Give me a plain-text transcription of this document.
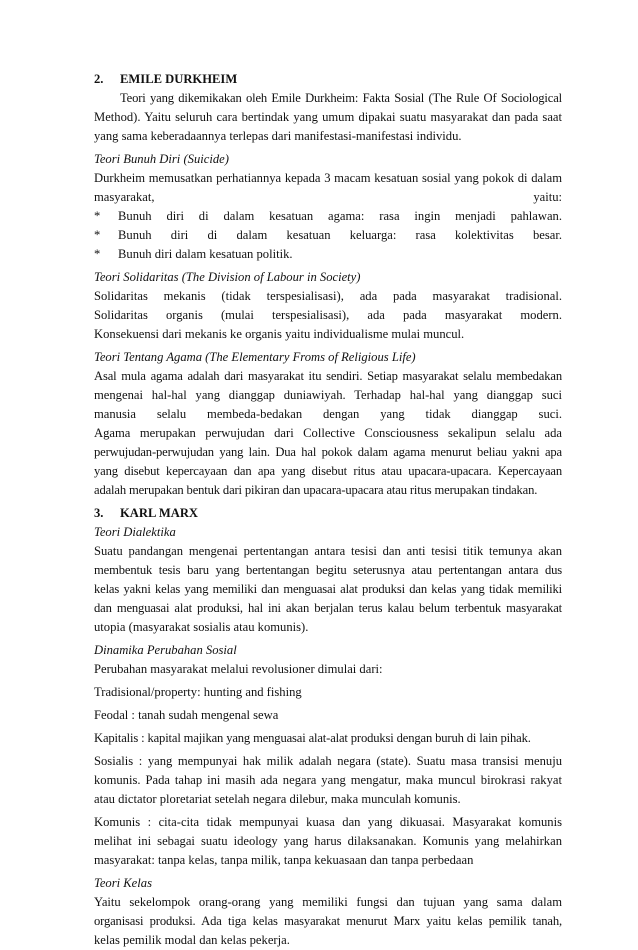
2. EMILE DURKHEIM

Teori yang dikemikakan oleh Emile Durkheim: Fakta Sosial (The Rule Of Sociological

Method). Yaitu seluruh cara bertindak yang umum dipakai suatu masyarakat dan pada saat

yang sama keberadaannya terlepas dari manifestasi-manifestasi individu.

Teori Bunuh Diri (Suicide)

Durkheim memusatkan perhatiannya kepada 3 macam kesatuan sosial yang pokok di dalam

masyarakat,	yaitu:
*	Bunuh diri di dalam kesatuan agama: rasa ingin menjadi pahlawan.
*	Bunuh diri di dalam kesatuan keluarga: rasa kolektivitas besar.
*	Bunuh diri dalam kesatuan politik.
Teori Solidaritas (The Division of Labour in Society)

Solidaritas mekanis (tidak terspesialisasi), ada pada masyarakat tradisional.

Solidaritas organis (mulai terspesialisasi), ada pada masyarakat modern.

Konsekuensi dari mekanis ke organis yaitu individualisme mulai muncul.

Teori Tentang Agama (The Elementary Froms of Religious Life)

Asal mula agama adalah dari masyarakat itu sendiri. Setiap masyarakat selalu membedakan

mengenai hal-hal yang dianggap duniawiyah. Terhadap hal-hal yang dianggap suci

manusia selalu membeda-bedakan dengan yang tidak dianggap suci.

Agama merupakan perwujudan dari Collective Consciousness sekalipun selalu ada

perwujudan-perwujudan yang lain. Dua hal pokok dalam agama menurut beliau yakni apa

yang disebut kepercayaan dan apa yang disebut ritus atau upacara-upacara. Kepercayaan

adalah merupakan bentuk dari pikiran dan upacara-upacara atau ritus merupakan tindakan.

3. KARL MARX
Teori Dialektika

Suatu pandangan mengenai pertentangan antara tesisi dan anti tesisi titik temunya akan

membentuk tesis baru yang bertentangan begitu seterusnya atau pertentangan antara dus

kelas yakni kelas yang memiliki dan menguasai alat produksi dan kelas yang tidak memiliki

dan menguasai alat produksi, hal ini akan berjalan terus kalau belum terbentuk masyarakat

utopia (masyarakat sosialis atau komunis).

Dinamika Perubahan Sosial

Perubahan masyarakat melalui revolusioner dimulai dari:

Tradisional/property: hunting and fishing

Feodal : tanah sudah mengenal sewa

Kapitalis : kapital majikan yang menguasai alat-alat produksi dengan buruh di lain pihak.

Sosialis : yang mempunyai hak milik adalah negara (state). Suatu masa transisi menuju

komunis. Pada tahap ini masih ada negara yang mengatur, maka muncul birokrasi rakyat

atau dictator ploretariat setelah negara dilebur, maka munculah komunis.

Komunis : cita-cita tidak mempunyai kuasa dan yang dikuasai. Masyarakat komunis

melihat ini sebagai suatu ideology yang harus dilaksanakan. Komunis yang melahirkan

masyarakat: tanpa kelas, tanpa milik, tanpa kekuasaan dan tanpa perbedaan

Teori Kelas

Yaitu sekelompok orang-orang yang memiliki fungsi dan tujuan yang sama dalam

organisasi produksi. Ada tiga kelas masyarakat menurut Marx yaitu kelas pemilik tanah,

kelas pemilik modal dan kelas pekerja.
